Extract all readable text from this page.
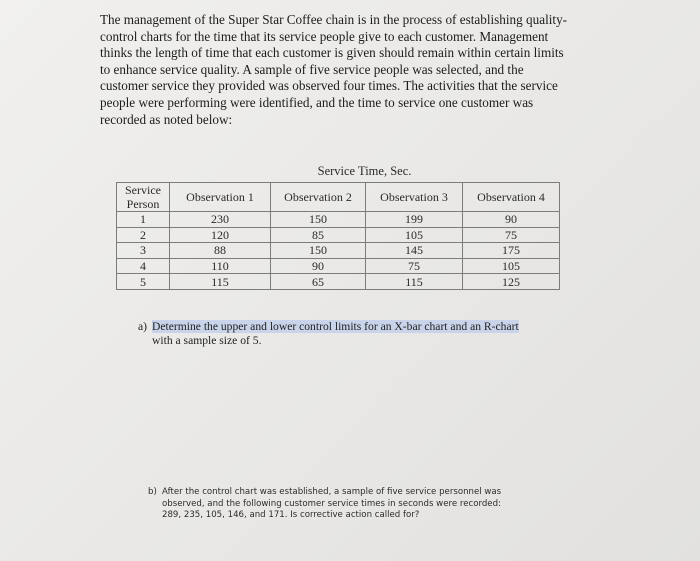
The management of the Super Star Coffee chain is in the process of establishing quality-

control charts for the time that its service people give to each customer. Management

thinks the length of time that each customer is given should remain within certain limits

to enhance service quality. A sample of five service people was selected, and the

customer service they provided was observed four times. The activities that the service

people were performing were identified, and the time to service one customer was

recorded as noted below:

	Service Time, Sec.			
Service Person	Observation 1	Observation 2	Observation 3	Observation 4
1	230	150	199	90
2	120	85	105	75
3	88	150	145	175
4	110	90	75	105
5	115	65	115	125
a) Determine the upper and lower control limits for an X-bar chart and an R-chart
with a sample size of 5.
b) After the control chart was established, a sample of five service personnel was
observed, and the following customer service times in seconds were recorded:
289, 235, 105, 146, and 171. Is corrective action called for?
